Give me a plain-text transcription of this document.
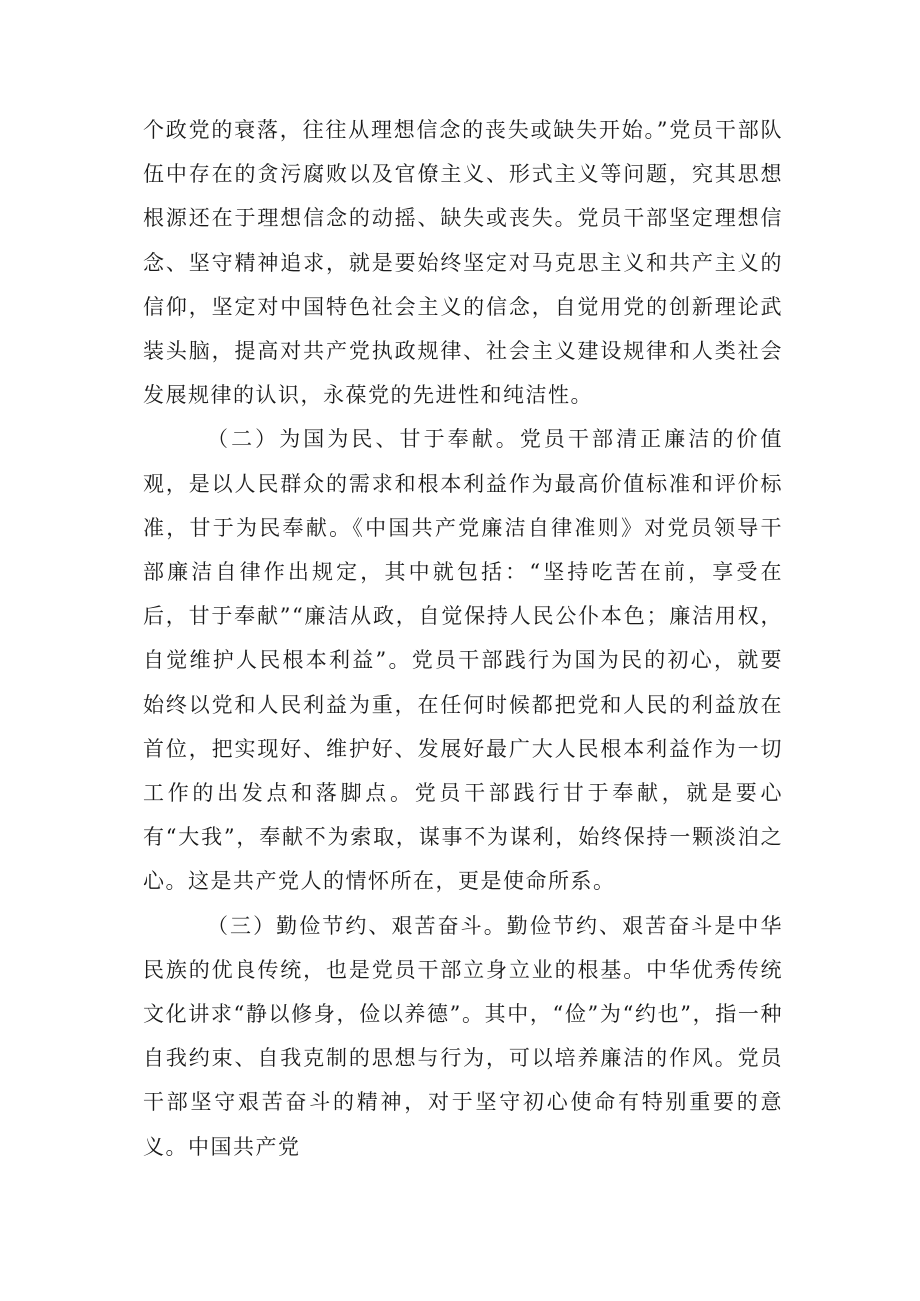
个政党的衰落，往往从理想信念的丧失或缺失开始。”党员干部队伍中存在的贪污腐败以及官僚主义、形式主义等问题，究其思想根源还在于理想信念的动摇、缺失或丧失。党员干部坚定理想信念、坚守精神追求，就是要始终坚定对马克思主义和共产主义的信仰，坚定对中国特色社会主义的信念，自觉用党的创新理论武装头脑，提高对共产党执政规律、社会主义建设规律和人类社会发展规律的认识，永葆党的先进性和纯洁性。

（二）为国为民、甘于奉献。党员干部清正廉洁的价值观，是以人民群众的需求和根本利益作为最高价值标准和评价标准，甘于为民奉献。《中国共产党廉洁自律准则》对党员领导干部廉洁自律作出规定，其中就包括：“坚持吃苦在前，享受在后，甘于奉献”“廉洁从政，自觉保持人民公仆本色；廉洁用权，自觉维护人民根本利益”。党员干部践行为国为民的初心，就要始终以党和人民利益为重，在任何时候都把党和人民的利益放在首位，把实现好、维护好、发展好最广大人民根本利益作为一切工作的出发点和落脚点。党员干部践行甘于奉献，就是要心有“大我”，奉献不为索取，谋事不为谋利，始终保持一颗淡泊之心。这是共产党人的情怀所在，更是使命所系。

（三）勤俭节约、艰苦奋斗。勤俭节约、艰苦奋斗是中华民族的优良传统，也是党员干部立身立业的根基。中华优秀传统文化讲求“静以修身，俭以养德”。其中，“俭”为“约也”，指一种自我约束、自我克制的思想与行为，可以培养廉洁的作风。党员干部坚守艰苦奋斗的精神，对于坚守初心使命有特别重要的意义。中国共产党
